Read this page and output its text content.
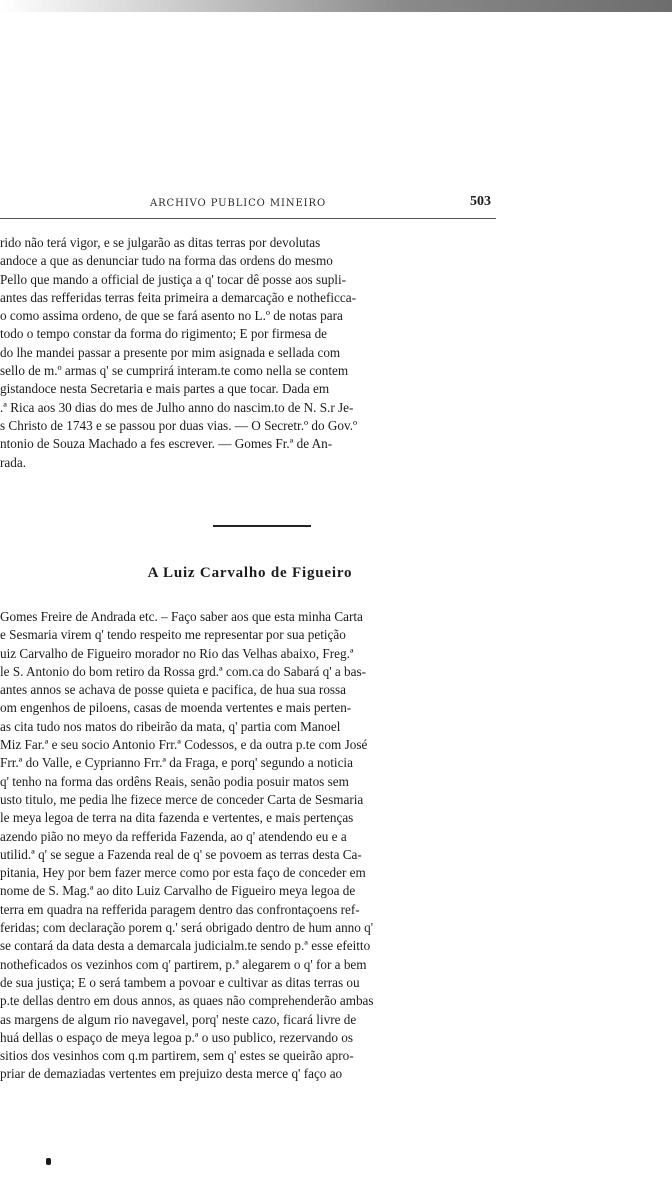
ARCHIVO PUBLICO MINEIRO	503
rido não terá vigor, e se julgarão as ditas terras por devolutas
andoce a que as denunciar tudo na forma das ordens do mesmo
Pello que mando a official de justiça a q' tocar dê posse aos supli-
antes das refferidas terras feita primeira a demarcação e notheficca-
o como assima ordeno, de que se fará asento no L.º de notas para
todo o tempo constar da forma do rigimento; E por firmesa de
do lhe mandei passar a presente por mim asignada e sellada com
sello de m.º armas q' se cumprirá interam.te como nella se contem
gistandoce nesta Secretaria e mais partes a que tocar. Dada em
.ª Rica aos 30 dias do mes de Julho anno do nascim.to de N. S.r Je-
s Christo de 1743 e se passou por duas vias. — O Secretr.º do Gov.º
ntonio de Souza Machado a fes escrever. — Gomes Fr.ª de An-
rada.
A Luiz Carvalho de Figueiro
Gomes Freire de Andrada etc. – Faço saber aos que esta minha Carta
e Sesmaria virem q' tendo respeito me representar por sua petição
uiz Carvalho de Figueiro morador no Rio das Velhas abaixo, Freg.ª
le S. Antonio do bom retiro da Rossa grd.ª com.ca do Sabará q' a bas-
antes annos se achava de posse quieta e pacifica, de hua sua rossa
om engenhos de piloens, casas de moenda vertentes e mais perten-
as cita tudo nos matos do ribeirão da mata, q' partia com Manoel
Miz Far.ª e seu socio Antonio Frr.ª Codessos, e da outra p.te com José
Frr.ª do Valle, e Cyprianno Frr.ª da Fraga, e porq' segundo a noticia
q' tenho na forma das ordêns Reais, senão podia posuir matos sem
usto titulo, me pedia lhe fizece merce de conceder Carta de Sesmaria
le meya legoa de terra na dita fazenda e vertentes, e mais pertenças
azendo pião no meyo da refferida Fazenda, ao q' atendendo eu e a
utilid.ª q' se segue a Fazenda real de q' se povoem as terras desta Ca-
pitania, Hey por bem fazer merce como por esta faço de conceder em
nome de S. Mag.ª ao dito Luiz Carvalho de Figueiro meya legoa de
terra em quadra na refferida paragem dentro das confrontaçoens ref-
feridas; com declaração porem q.' será obrigado dentro de hum anno q'
se contará da data desta a demarcala judicialm.te sendo p.ª esse efeitto
notheficados os vezinhos com q' partirem, p.ª alegarem o q' for a bem
de sua justiça; E o será tambem a povoar e cultivar as ditas terras ou
p.te dellas dentro em dous annos, as quaes não comprehenderão ambas
as margens de algum rio navegavel, porq' neste cazo, ficará livre de
huá dellas o espaço de meya legoa p.ª o uso publico, rezervando os
sitios dos vesinhos com q.m partirem, sem q' estes se queirão apro-
priar de demaziadas vertentes em prejuizo desta merce q' faço ao
